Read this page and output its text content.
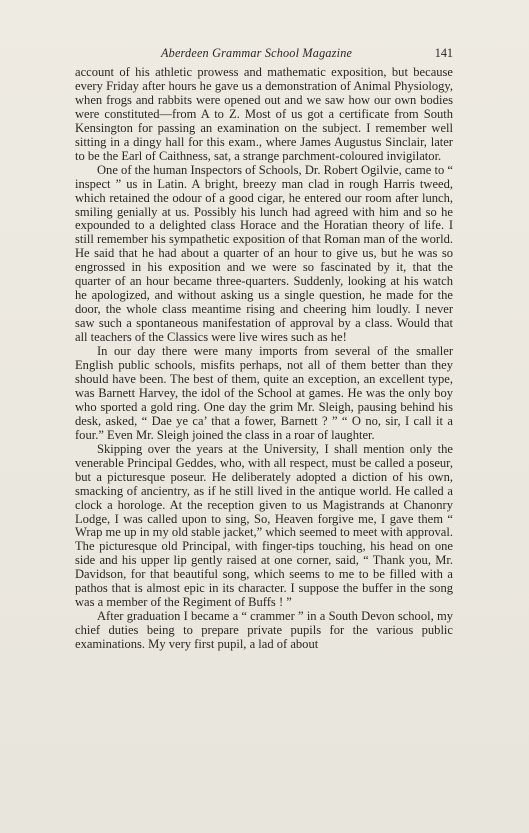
Aberdeen Grammar School Magazine	141

account of his athletic prowess and mathematic exposition, but because every Friday after hours he gave us a demonstration of Animal Physiology, when frogs and rabbits were opened out and we saw how our own bodies were constituted—from A to Z. Most of us got a certificate from South Kensington for passing an examination on the subject. I remember well sitting in a dingy hall for this exam., where James Augustus Sinclair, later to be the Earl of Caithness, sat, a strange parchment-coloured invigilator.

One of the human Inspectors of Schools, Dr. Robert Ogilvie, came to “ inspect ” us in Latin. A bright, breezy man clad in rough Harris tweed, which retained the odour of a good cigar, he entered our room after lunch, smiling genially at us. Possibly his lunch had agreed with him and so he expounded to a delighted class Horace and the Horatian theory of life. I still remember his sympathetic exposition of that Roman man of the world. He said that he had about a quarter of an hour to give us, but he was so engrossed in his exposition and we were so fascinated by it, that the quarter of an hour became three-quarters. Suddenly, looking at his watch he apologized, and without asking us a single question, he made for the door, the whole class meantime rising and cheering him loudly. I never saw such a spontaneous manifestation of approval by a class. Would that all teachers of the Classics were live wires such as he!

In our day there were many imports from several of the smaller English public schools, misfits perhaps, not all of them better than they should have been. The best of them, quite an exception, an excellent type, was Barnett Harvey, the idol of the School at games. He was the only boy who sported a gold ring. One day the grim Mr. Sleigh, pausing behind his desk, asked, “ Dae ye ca’ that a fower, Barnett ? ” “ O no, sir, I call it a four.” Even Mr. Sleigh joined the class in a roar of laughter.

Skipping over the years at the University, I shall mention only the venerable Principal Geddes, who, with all respect, must be called a poseur, but a picturesque poseur. He deliberately adopted a diction of his own, smacking of ancientry, as if he still lived in the antique world. He called a clock a horologe. At the reception given to us Magistrands at Chanonry Lodge, I was called upon to sing, So, Heaven forgive me, I gave them “ Wrap me up in my old stable jacket,” which seemed to meet with approval. The picturesque old Principal, with finger-tips touching, his head on one side and his upper lip gently raised at one corner, said, “ Thank you, Mr. Davidson, for that beautiful song, which seems to me to be filled with a pathos that is almost epic in its character. I suppose the buffer in the song was a member of the Regiment of Buffs ! ”

After graduation I became a “ crammer ” in a South Devon school, my chief duties being to prepare private pupils for the various public examinations. My very first pupil, a lad of about
